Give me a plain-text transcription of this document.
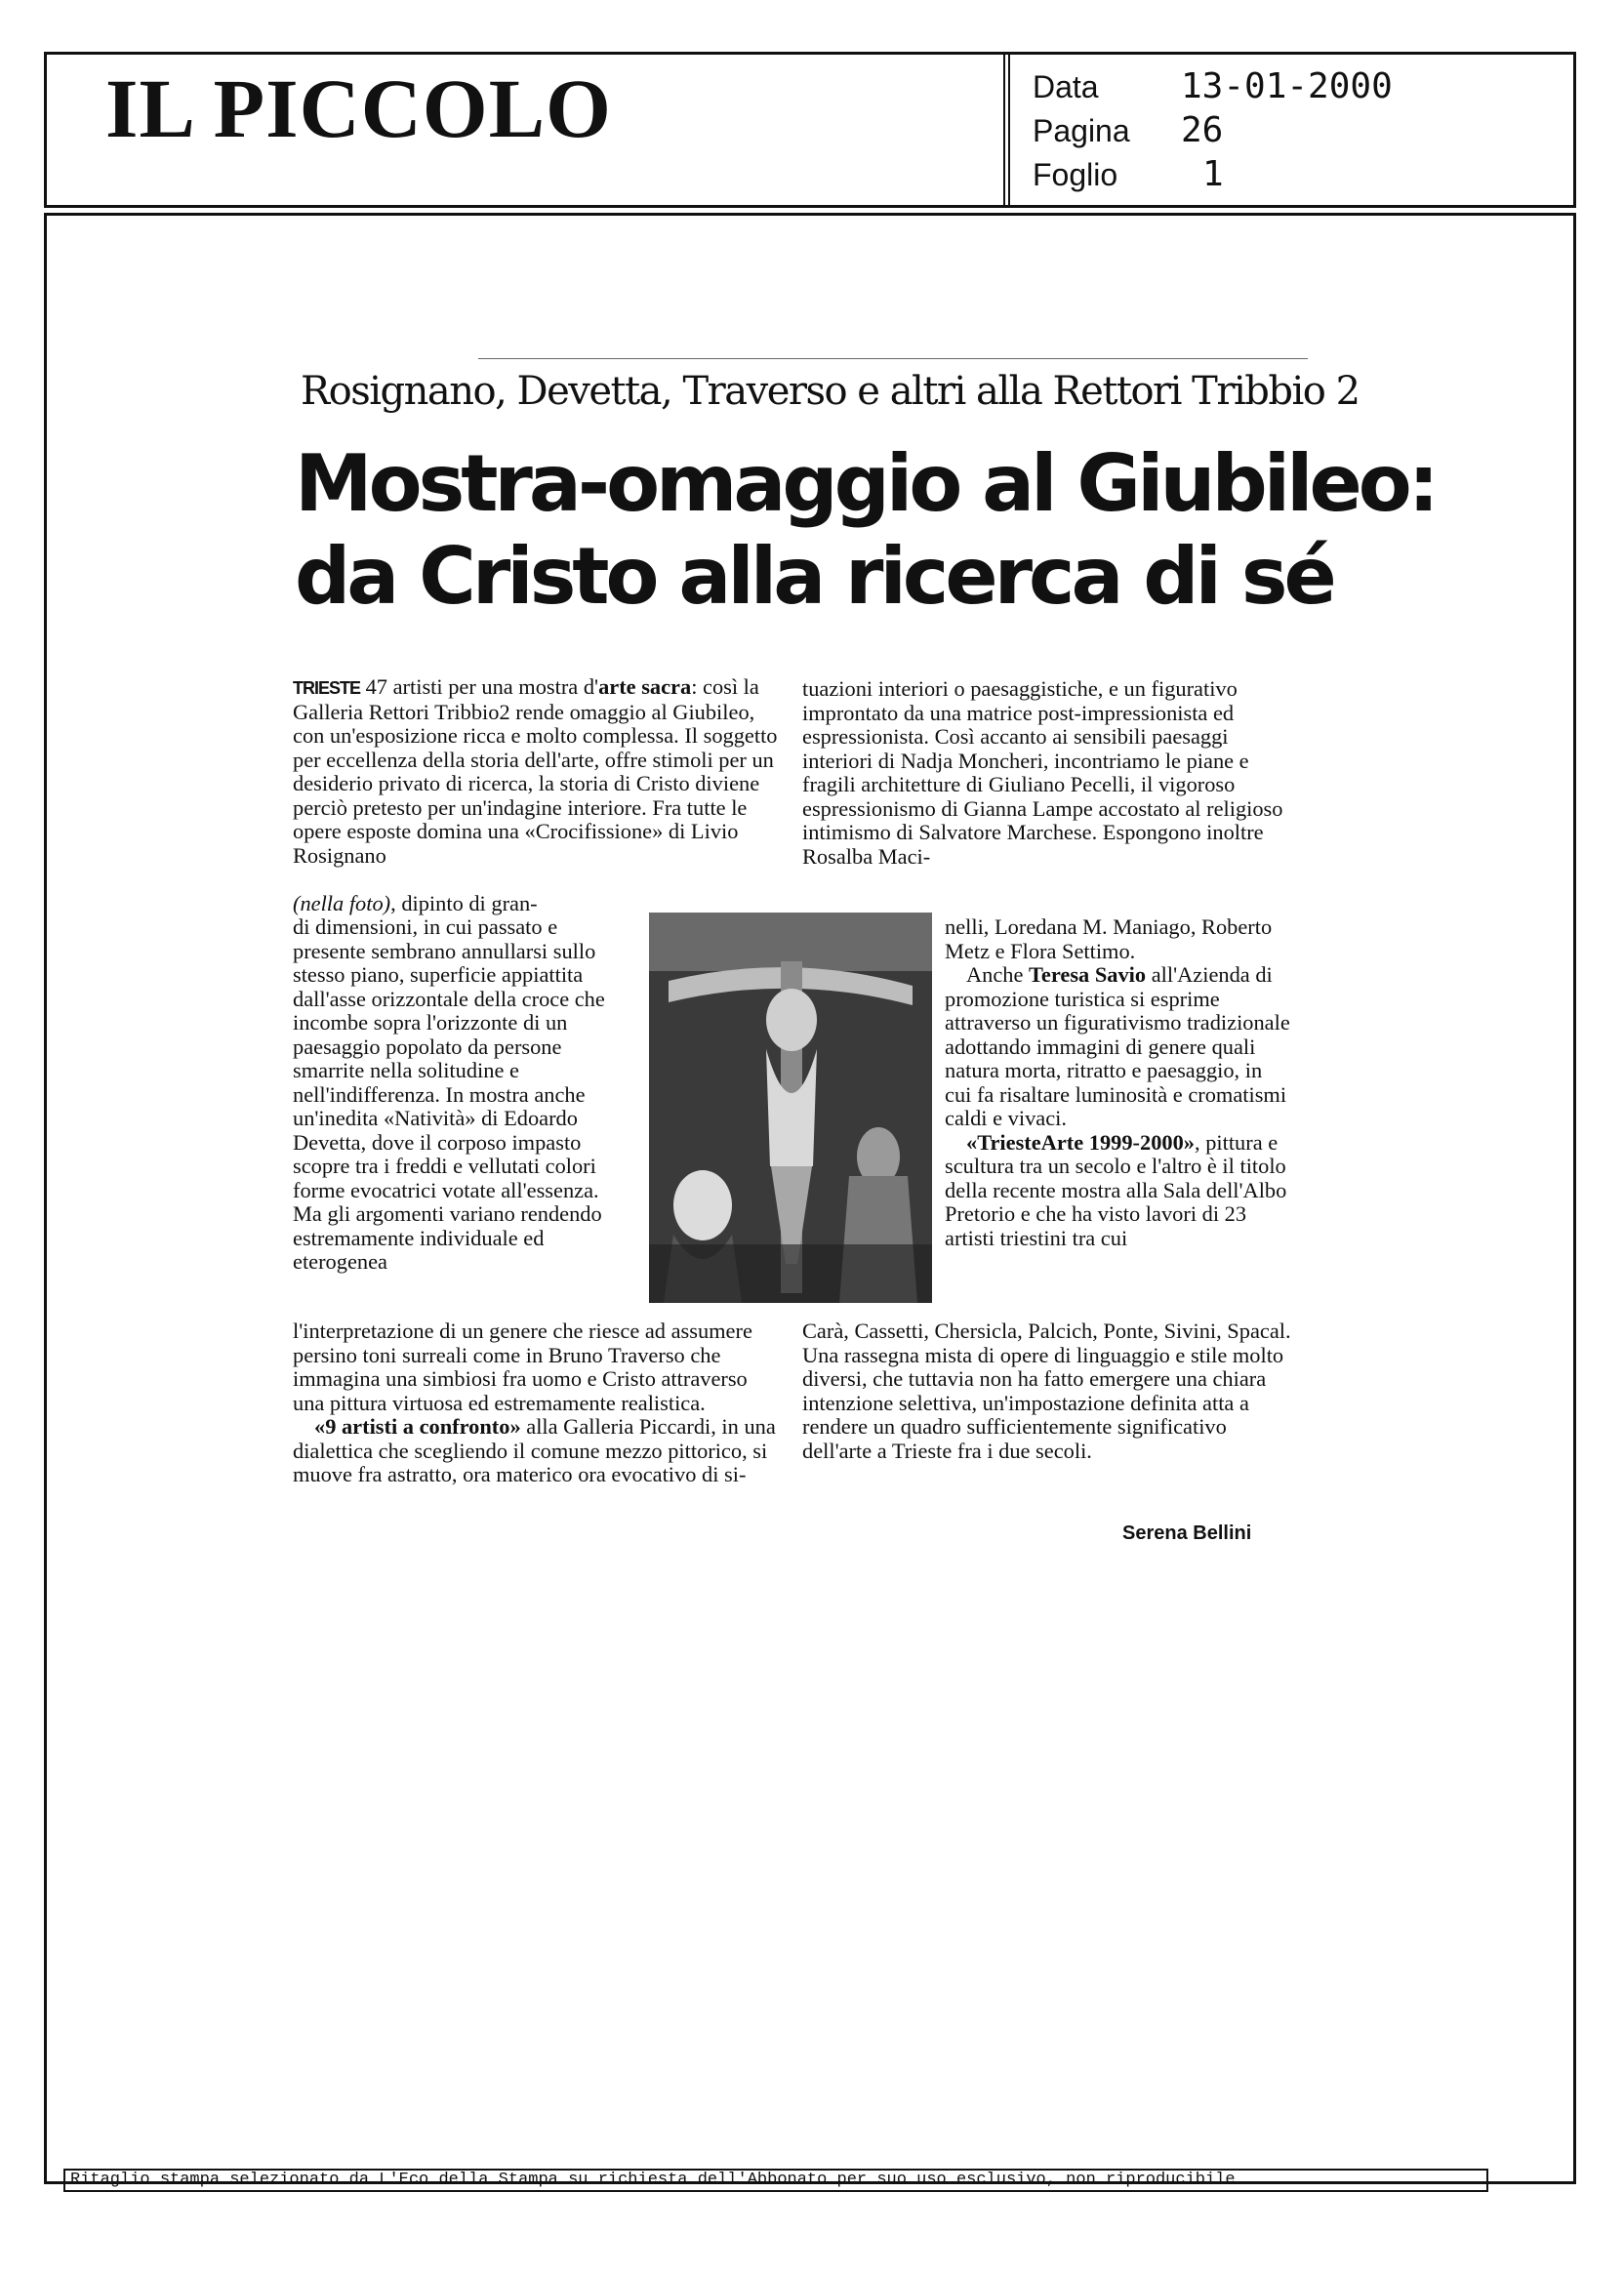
IL PICCOLO	Data	13-01-2000
Pagina	26
Foglio	1
Rosignano, Devetta, Traverso e altri alla Rettori Tribbio 2
Mostra-omaggio al Giubileo:
da Cristo alla ricerca di sé

TRIESTE 47 artisti per una mostra d'arte sacra: così la Galleria Rettori Tribbio2 rende omaggio al Giubileo, con un'esposizione ricca e molto complessa. Il soggetto per eccellenza della storia dell'arte, offre stimoli per un desiderio privato di ricerca, la storia di Cristo diviene perciò pretesto per un'indagine interiore. Fra tutte le opere esposte domina una «Crocifissione» di Livio Rosignano

(nella foto), dipinto di gran-

di dimensioni, in cui passato e presente sembrano annullarsi sullo stesso piano, superficie appiattita dall'asse orizzontale della croce che incombe sopra l'orizzonte di un paesaggio popolato da persone smarrite nella solitudine e nell'indifferenza. In mostra anche un'inedita «Natività» di Edoardo Devetta, dove il corposo impasto scopre tra i freddi e vellutati colori forme evocatrici votate all'essenza. Ma gli argomenti variano rendendo estremamente individuale ed eterogenea

l'interpretazione di un genere che riesce ad assumere persino toni surreali come in Bruno Traverso che immagina una simbiosi fra uomo e Cristo attraverso una pittura virtuosa ed estremamente realistica.

«9 artisti a confronto» alla Galleria Piccardi, in una dialettica che scegliendo il comune mezzo pittorico, si muove fra astratto, ora materico ora evocativo di si-

tuazioni interiori o paesaggistiche, e un figurativo improntato da una matrice post-impressionista ed espressionista. Così accanto ai sensibili paesaggi interiori di Nadja Moncheri, incontriamo le piane e fragili architetture di Giuliano Pecelli, il vigoroso espressionismo di Gianna Lampe accostato al religioso intimismo di Salvatore Marchese. Espongono inoltre Rosalba Maci-

nelli, Loredana M. Maniago, Roberto Metz e Flora Settimo.

Anche Teresa Savio all'Azienda di promozione turistica si esprime attraverso un figurativismo tradizionale adottando immagini di genere quali natura morta, ritratto e paesaggio, in cui fa risaltare luminosità e cromatismi caldi e vivaci.

«TriesteArte 1999-2000», pittura e scultura tra un secolo e l'altro è il titolo della recente mostra alla Sala dell'Albo Pretorio e che ha visto lavori di 23 artisti triestini tra cui

Carà, Cassetti, Chersicla, Palcich, Ponte, Sivini, Spacal. Una rassegna mista di opere di linguaggio e stile molto diversi, che tuttavia non ha fatto emergere una chiara intenzione selettiva, un'impostazione definita atta a rendere un quadro sufficientemente significativo dell'arte a Trieste fra i due secoli.

Serena Bellini
Ritaglio stampa selezionato da L'Eco della Stampa su richiesta dell'Abbonato per suo uso esclusivo, non riproducibile
